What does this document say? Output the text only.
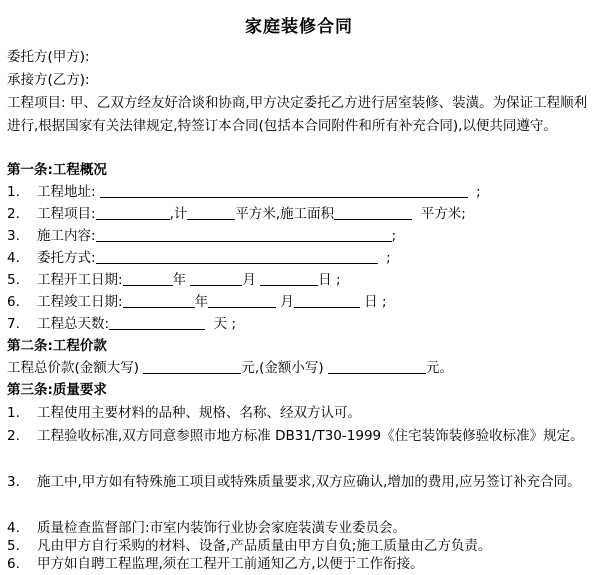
家庭装修合同
委托方(甲方):
承接方(乙方):
工程项目: 甲、乙双方经友好洽谈和协商,甲方决定委托乙方进行居室装修、装潢。为保证工程顺利进行,根据国家有关法律规定,特签订本合同(包括本合同附件和所有补充合同),以便共同遵守。
第一条:工程概况
1. 工程地址:	;
2. 工程项目:	,计	平方米,施工面积	平方米;
3. 施工内容:	;
4. 委托方式:	;
5. 工程开工日期:	年	月	日 ;
6. 工程竣工日期:	年	月	日 ;
7. 工程总天数:	天 ;
第二条:工程价款
工程总价款(金额大写)	元,(金额小写)	元。
第三条:质量要求
1. 工程使用主要材料的品种、规格、名称、经双方认可。
2. 工程验收标准,双方同意参照市地方标准 DB31/T30-1999《住宅装饰装修验收标准》规定。
3. 施工中,甲方如有特殊施工项目或特殊质量要求,双方应确认,增加的费用,应另签订补充合同。
4. 质量检查监督部门:市室内装饰行业协会家庭装潢专业委员会。
5. 凡由甲方自行采购的材料、设备,产品质量由甲方自负;施工质量由乙方负责。
6. 甲方如自聘工程监理,须在工程开工前通知乙方,以便于工作衔接。
